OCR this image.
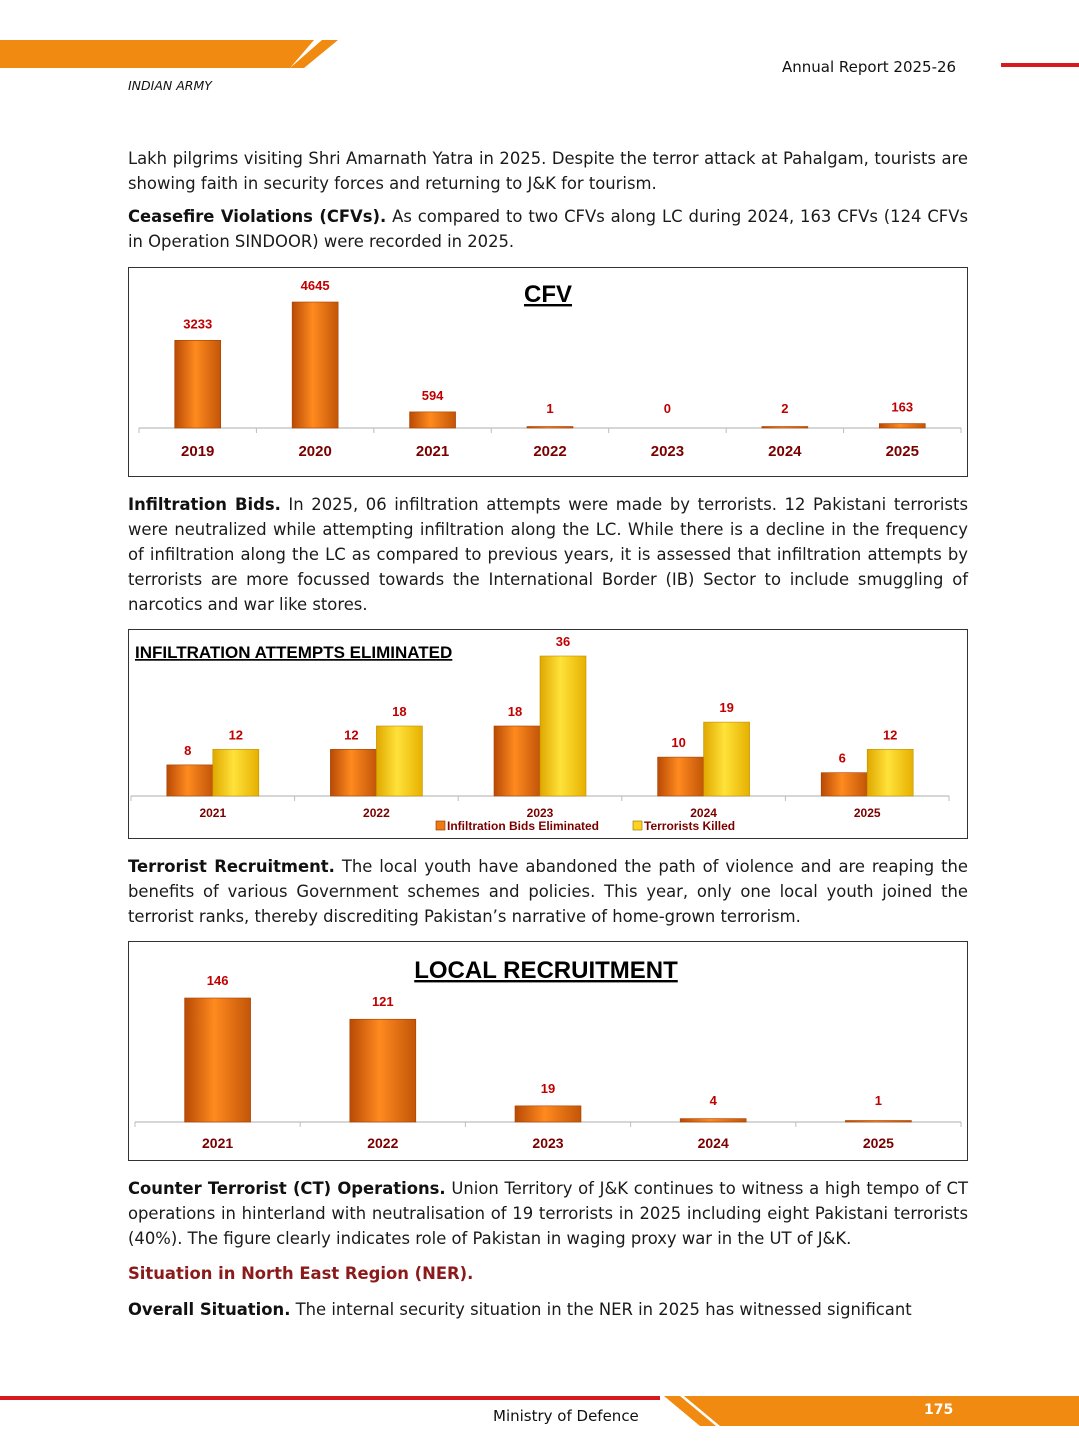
Annual Report 2025-26
INDIAN ARMY

Lakh pilgrims visiting Shri Amarnath Yatra in 2025. Despite the terror attack at Pahalgam, tourists are showing faith in security forces and returning to J&K for tourism.

Ceasefire Violations (CFVs). As compared to two CFVs along LC during 2024, 163 CFVs (124 CFVs in Operation SINDOOR) were recorded in 2025.

CFV
3233
2019
4645
2020
594
2021
1
2022
0
2023
2
2024
163
2025

Infiltration Bids. In 2025, 06 infiltration attempts were made by terrorists. 12 Pakistani terrorists were neutralized while attempting infiltration along the LC. While there is a decline in the frequency of infiltration along the LC as compared to previous years, it is assessed that infiltration attempts by terrorists are more focussed towards the International Border (IB) Sector to include smuggling of narcotics and war like stores.

INFILTRATION ATTEMPTS ELIMINATED
8
12
2021
12
18
2022
18
36
2023
10
19
2024
6
12
2025
Infiltration Bids Eliminated	Terrorists Killed

Terrorist Recruitment. The local youth have abandoned the path of violence and are reaping the benefits of various Government schemes and policies. This year, only one local youth joined the terrorist ranks, thereby discrediting Pakistan’s narrative of home-grown terrorism.

LOCAL RECRUITMENT
146
2021
121
2022
19
2023
4
2024
1
2025

Counter Terrorist (CT) Operations. Union Territory of J&K continues to witness a high tempo of CT operations in hinterland with neutralisation of 19 terrorists in 2025 including eight Pakistani terrorists (40%). The figure clearly indicates role of Pakistan in waging proxy war in the UT of J&K.

Situation in North East Region (NER).

Overall Situation. The internal security situation in the NER in 2025 has witnessed significant

Ministry of Defence	175
